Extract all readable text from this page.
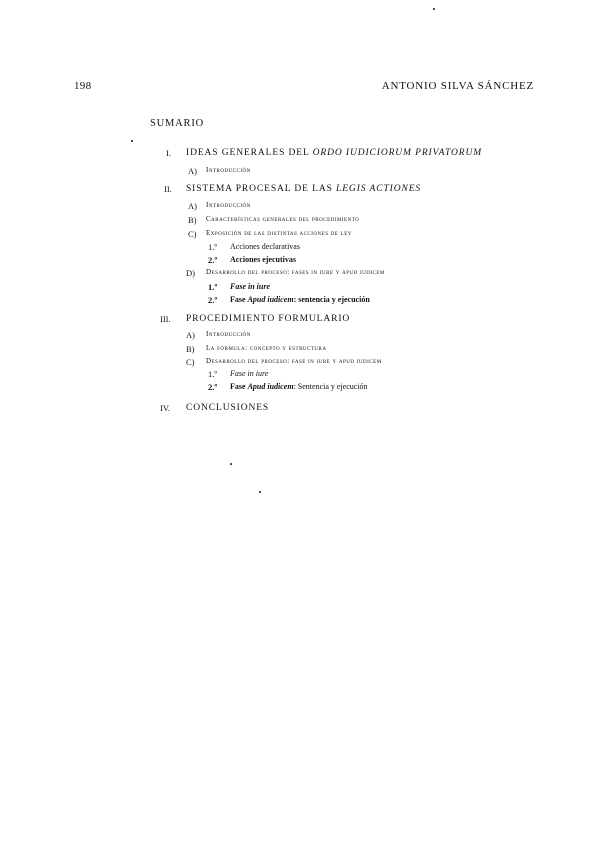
198	ANTONIO SILVA SÁNCHEZ
SUMARIO
I. IDEAS GENERALES DEL ORDO IUDICIORUM PRIVATORUM
A) Introducción
II. SISTEMA PROCESAL DE LAS LEGIS ACTIONES
A) Introducción
B) Características generales del procedimiento
C) Exposición de las distintas acciones de ley
1.º Acciones declarativas
2.º Acciones ejecutivas
D) Desarrollo del proceso: fases in iure y apud iudicem
1.º Fase in iure
2.º Fase Apud iudicem: sentencia y ejecución
III. PROCEDIMIENTO FORMULARIO
A) Introducción
B) La fórmula: concepto y estructura
C) Desarrollo del proceso: fase in iure y apud iudicem
1.º Fase in iure
2.º Fase Apud iudicem: Sentencia y ejecución
IV. CONCLUSIONES
